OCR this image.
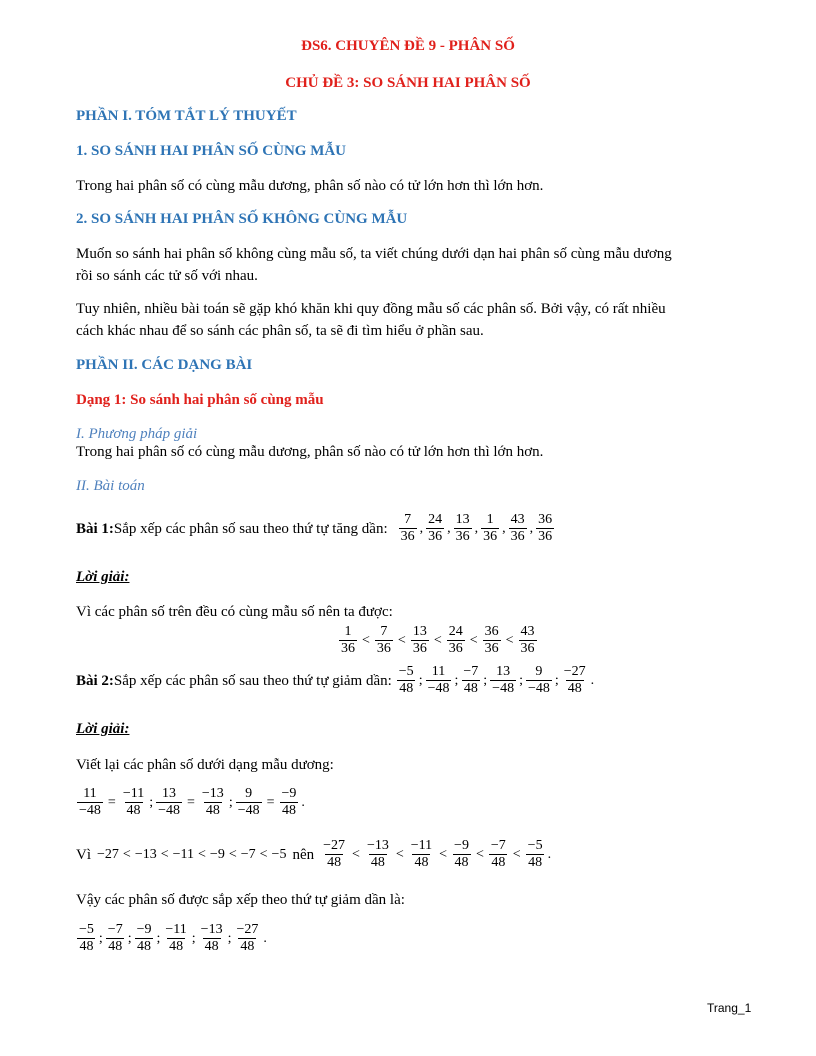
ĐS6. CHUYÊN ĐỀ 9 - PHÂN SỐ
CHỦ ĐỀ 3: SO SÁNH HAI PHÂN SỐ
PHẦN I. TÓM TẮT LÝ THUYẾT
1. SO SÁNH HAI PHÂN SỐ CÙNG MẪU
Trong hai phân số có cùng mẫu dương, phân số nào có tử lớn hơn thì lớn hơn.
2. SO SÁNH HAI PHÂN SỐ KHÔNG CÙNG MẪU
Muốn so sánh hai phân số không cùng mẫu số, ta viết chúng dưới dạn hai phân số cùng mẫu dương rồi so sánh các tử số với nhau.
Tuy nhiên, nhiều bài toán sẽ gặp khó khăn khi quy đồng mẫu số các phân số. Bởi vậy, có rất nhiều cách khác nhau để so sánh các phân số, ta sẽ đi tìm hiểu ở phần sau.
PHẦN II. CÁC DẠNG BÀI
Dạng 1: So sánh hai phân số cùng mẫu
I. Phương pháp giải
Trong hai phân số có cùng mẫu dương, phân số nào có tử lớn hơn thì lớn hơn.
II. Bài toán
Bài 1: Sắp xếp các phân số sau theo thứ tự tăng dần: $\frac{7}{36}$ , $\frac{24}{36}$ , $\frac{13}{36}$ , $\frac{1}{36}$ , $\frac{43}{36}$ , $\frac{36}{36}$
Lời giải:
Vì các phân số trên đều có cùng mẫu số nên ta được:
$\frac{1}{36} < \frac{7}{36} < \frac{13}{36} < \frac{24}{36} < \frac{36}{36} < \frac{43}{36}$
Bài 2: Sắp xếp các phân số sau theo thứ tự giảm dần: $\frac{-5}{48}$ ; $\frac{11}{-48}$ ; $\frac{-7}{48}$ ; $\frac{13}{-48}$ ; $\frac{9}{-48}$ ; $\frac{-27}{48}$ .
Lời giải:
Viết lại các phân số dưới dạng mẫu dương:
$\frac{11}{-48} = \frac{-11}{48}$ ; $\frac{13}{-48} = \frac{-13}{48}$ ; $\frac{9}{-48} = \frac{-9}{48}$ .
Vì −27 < −13 < −11 < −9 < −7 < −5 nên $\frac{-27}{48} < \frac{-13}{48} < \frac{-11}{48} < \frac{-9}{48} < \frac{-7}{48} < \frac{-5}{48}$ .
Vậy các phân số được sắp xếp theo thứ tự giảm dần là:
$\frac{-5}{48}$ ; $\frac{-7}{48}$ ; $\frac{-9}{48}$ ; $\frac{-11}{48}$ ; $\frac{-13}{48}$ ; $\frac{-27}{48}$ .
Trang_1
